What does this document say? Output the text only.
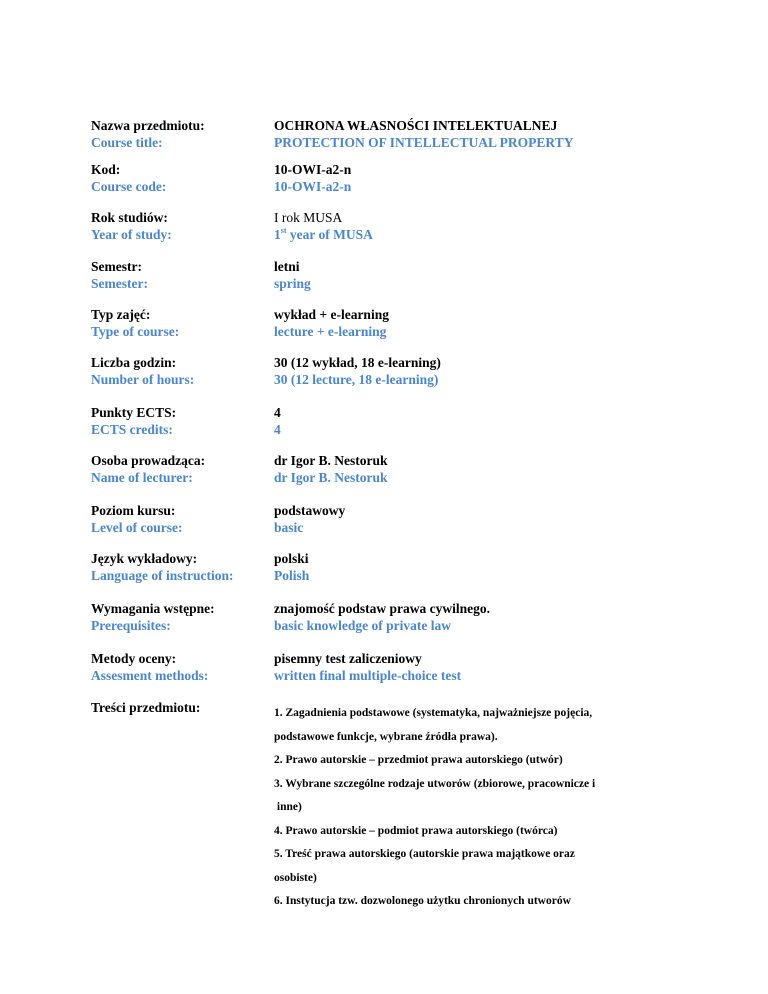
Nazwa przedmiotu:
Course title:
OCHRONA WŁASNOŚCI INTELEKTUALNEJ
PROTECTION OF INTELLECTUAL PROPERTY
Kod:
Course code:
10-OWI-a2-n
10-OWI-a2-n
Rok studiów:
Year of study:
I rok MUSA
1st year of MUSA
Semestr:
Semester:
letni
spring
Typ zajęć:
Type of course:
wykład + e-learning
lecture + e-learning
Liczba godzin:
Number of hours:
30 (12 wykład, 18 e-learning)
30 (12 lecture, 18 e-learning)
Punkty ECTS:
ECTS credits:
4
4
Osoba prowadząca:
Name of lecturer:
dr Igor B. Nestoruk
dr Igor B. Nestoruk
Poziom kursu:
Level of course:
podstawowy
basic
Język wykładowy:
Language of instruction:
polski
Polish
Wymagania wstępne:
Prerequisites:
znajomość podstaw prawa cywilnego.
basic knowledge of private law
Metody oceny:
Assesment methods:
pisemny test zaliczeniowy
written final multiple-choice test
Treści przedmiotu:	1. Zagadnienia podstawowe (systematyka, najważniejsze pojęcia,
podstawowe funkcje, wybrane źródła prawa).
2. Prawo autorskie – przedmiot prawa autorskiego (utwór)
3. Wybrane szczególne rodzaje utworów (zbiorowe, pracownicze i
inne)
4. Prawo autorskie – podmiot prawa autorskiego (twórca)
5. Treść prawa autorskiego (autorskie prawa majątkowe oraz
osobiste)
6. Instytucja tzw. dozwolonego użytku chronionych utworów
